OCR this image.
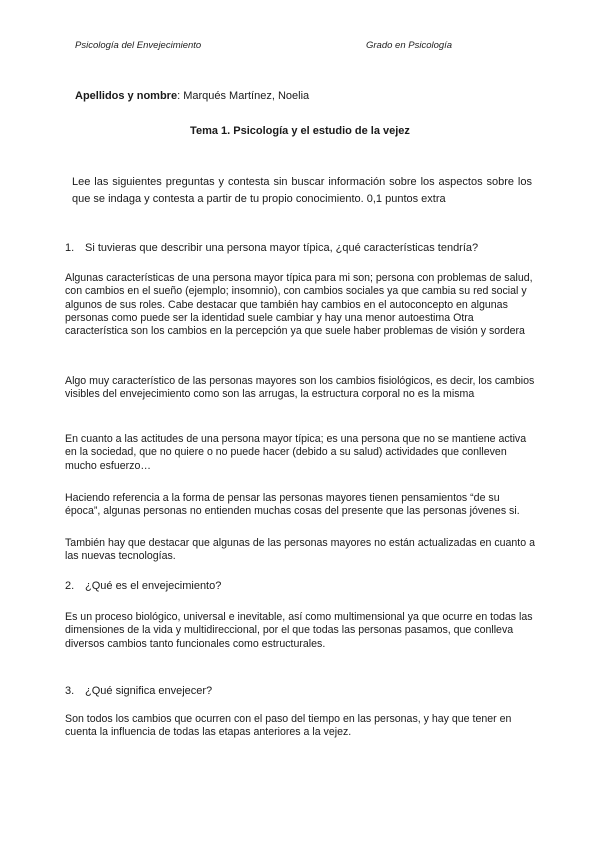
Psicología del Envejecimiento	Grado en Psicología
Apellidos y nombre: Marqués Martínez, Noelia
Tema 1. Psicología y el estudio de la vejez
Lee las siguientes preguntas y contesta sin buscar información sobre los aspectos sobre los que se indaga y contesta a partir de tu propio conocimiento. 0,1 puntos extra
1. Si tuvieras que describir una persona mayor típica, ¿qué características tendría?
Algunas características de una persona mayor típica para mi son; persona con problemas de salud, con cambios en el sueño (ejemplo; insomnio), con cambios sociales ya que cambia su red social y algunos de sus roles. Cabe destacar que también hay cambios en el autoconcepto en algunas personas como puede ser la identidad suele cambiar y hay una menor autoestima Otra característica son los cambios en la percepción ya que suele haber problemas de visión y sordera
Algo muy característico de las personas mayores son los cambios fisiológicos, es decir, los cambios visibles del envejecimiento como son las arrugas, la estructura corporal no es la misma
En cuanto a las actitudes de una persona mayor típica; es una persona que no se mantiene activa en la sociedad, que no quiere o no puede hacer (debido a su salud) actividades que conlleven mucho esfuerzo…
Haciendo referencia a la forma de pensar las personas mayores tienen pensamientos “de su época”, algunas personas no entienden muchas cosas del presente que las personas jóvenes si.
También hay que destacar que algunas de las personas mayores no están actualizadas en cuanto a las nuevas tecnologías.
2. ¿Qué es el envejecimiento?
Es un proceso biológico, universal e inevitable, así como multimensional ya que ocurre en todas las dimensiones de la vida y multidireccional, por el que todas las personas pasamos, que conlleva diversos cambios tanto funcionales como estructurales.
3. ¿Qué significa envejecer?
Son todos los cambios que ocurren con el paso del tiempo en las personas, y hay que tener en cuenta la influencia de todas las etapas anteriores a la vejez.
